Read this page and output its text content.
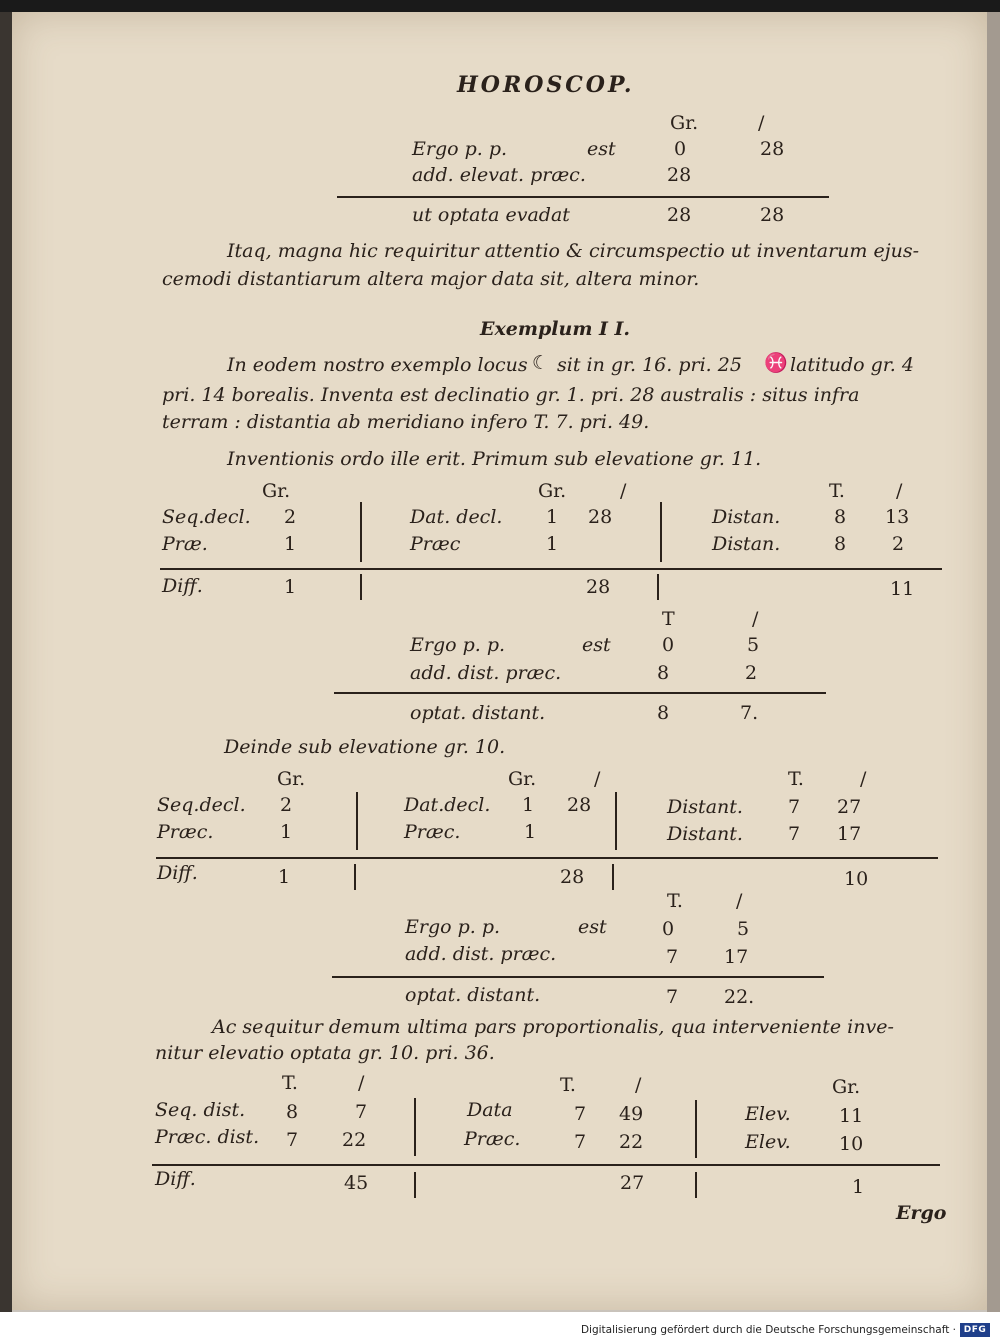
HOROSCOP.
Gr.	/
Ergo p. p.	est	0	28
add. elevat. præc.	28
ut optata evadat	28	28
Itaq, magna hic requiritur attentio & circumspectio ut inventarum ejus-
cemodi distantiarum altera major data sit, altera minor.
Exemplum I I.
In eodem nostro exemplo locus ☾ sit in gr. 16. pri. 25 ♓ latitudo gr. 4
pri. 14 borealis. Inventa est declinatio gr. 1. pri. 28 australis : situs infra
terram : distantia ab meridiano infero T. 7. pri. 49.
Inventionis ordo ille erit. Primum sub elevatione gr. 11.
Gr.	Gr.	/	T.	/
Seq.decl. 2	Dat. decl. 1 28	Distan.	8 13
Præ.	1	Præc	1	Distan.	8 2
Diff.	1	28	11
T	/
Ergo p. p.	est	0	5
add. dist. præc.	8	2
optat. distant.	8	7.
Deinde sub elevatione gr. 10.
Gr.	Gr.	/	T.	/
Seq.decl. 2	Dat.decl. 1 28	Distant. 7 27
Præc.	1	Præc.	1	Distant. 7 17
Diff.	1	28	10
T.	/
Ergo p. p.	est	0	5
add. dist. præc.	7 17
optat. distant.	7 22.
Ac sequitur demum ultima pars proportionalis, qua interveniente inve-
nitur elevatio optata gr. 10. pri. 36.
T.	/	T.	/	Gr.
Seq. dist. 8	7	Data	7 49	Elev.	11
Præc. dist. 7 22	Præc.	7 22	Elev.	10
Diff.	45	27	1
Ergo
Digitalisierung gefördert durch die Deutsche Forschungsgemeinschaft · DFG
